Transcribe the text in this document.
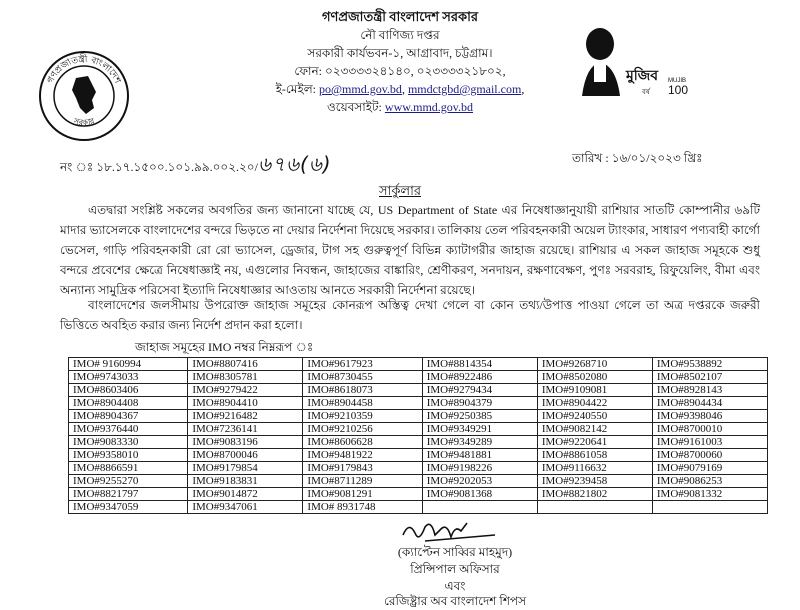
গণপ্রজাতন্ত্রী বাংলাদেশ
সরকার
গণপ্রজাতন্ত্রী বাংলাদেশ সরকার
নৌ বাণিজ্য দপ্তর
সরকারী কার্যভবন-১, আগ্রাবাদ, চট্টগ্রাম।
ফোন: ০২৩৩৩৩২৪১৪০, ০২৩৩৩৩২১৮০২,
ই-মেইল: po@mmd.gov.bd, mmdctgbd@gmail.com,
ওয়েবসাইট: www.mmd.gov.bd
মুজিব
বর্ষ
MUJIB
100
নং ঃ ১৮.১৭.১৫০০.১০১.৯৯.০০২.২০/৬৭৬(৬)	তারিখ : ১৬/০১/২০২৩ খ্রিঃ
সার্কুলার
এতদ্বারা সংশ্লিষ্ট সকলের অবগতির জন্য জানানো যাচ্ছে যে, US Department of State এর নিষেধাজ্ঞানুযায়ী রাশিয়ার সাতটি কোম্পানীর ৬৯টি মাদার ভ্যাসেলকে বাংলাদেশের বন্দরে ভিড়তে না দেয়ার নির্দেশনা দিয়েছে সরকার। তালিকায় তেল পরিবহনকারী অয়েল ট্যাংকার, সাধারণ পণ্যবাহী কার্গো ভেসেল, গাড়ি পরিবহনকারী রো রো ভ্যাসেল, ড্রেজার, টাগ সহ গুরুত্বপূর্ণ বিভিন্ন ক্যাটাগরীর জাহাজ রয়েছে। রাশিয়ার এ সকল জাহাজ সমূহকে শুধু বন্দরে প্রবেশের ক্ষেত্রে নিষেধাজ্ঞাই নয়, এগুলোর নিবন্ধন, জাহাজের বাঙ্কারিং, শ্রেণীকরণ, সনদায়ন, রক্ষণাবেক্ষণ, পুণঃ সরবরাহ, রিফুয়েলিং, বীমা এবং অন্যান্য সামুদ্রিক পরিসেবা ইত্যাদি নিষেধাজ্ঞার আওতায় আনতে সরকারী নির্দেশনা রয়েছে।
বাংলাদেশের জলসীমায় উপরোক্ত জাহাজ সমূহের কোনরূপ অস্তিত্ব দেখা গেলে বা কোন তথ্য/উপাত্ত পাওয়া গেলে তা অত্র দপ্তরকে জরুরী ভিত্তিতে অবহিত করার জন্য নির্দেশ প্রদান করা হলো।
জাহাজ সমূহের IMO নম্বর নিম্নরূপ ঃ
IMO# 9160994	IMO#8807416	IMO#9617923	IMO#8814354	IMO#9268710	IMO#9538892
IMO#9743033	IMO#8305781	IMO#8730455	IMO#8922486	IMO#8502080	IMO#8502107
IMO#8603406	IMO#9279422	IMO#8618073	IMO#9279434	IMO#9109081	IMO#8928143
IMO#8904408	IMO#8904410	IMO#8904458	IMO#8904379	IMO#8904422	IMO#8904434
IMO#8904367	IMO#9216482	IMO#9210359	IMO#9250385	IMO#9240550	IMO#9398046
IMO#9376440	IMO#7236141	IMO#9210256	IMO#9349291	IMO#9082142	IMO#8700010
IMO#9083330	IMO#9083196	IMO#8606628	IMO#9349289	IMO#9220641	IMO#9161003
IMO#9358010	IMO#8700046	IMO#9481922	IMO#9481881	IMO#8861058	IMO#8700060
IMO#8866591	IMO#9179854	IMO#9179843	IMO#9198226	IMO#9116632	IMO#9079169
IMO#9255270	IMO#9183831	IMO#8711289	IMO#9202053	IMO#9239458	IMO#9086253
IMO#8821797	IMO#9014872	IMO#9081291	IMO#9081368	IMO#8821802	IMO#9081332
IMO#9347059	IMO#9347061	IMO# 8931748			
(ক্যাপ্টেন সাব্বির মাহমুদ)
প্রিন্সিপাল অফিসার
এবং
রেজিষ্ট্রার অব বাংলাদেশ শিপস
